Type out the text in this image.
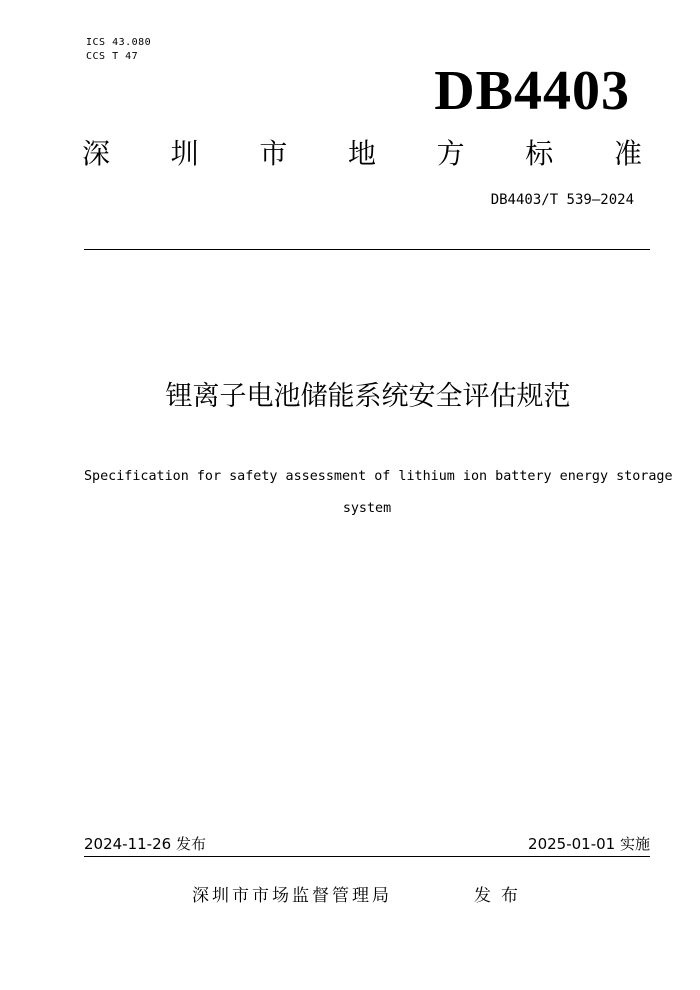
ICS 43.080
CCS T 47
DB4403
深 圳 市 地 方 标 准
DB4403/T 539—2024
锂离子电池储能系统安全评估规范
Specification for safety assessment of lithium ion battery energy storage
system
2024-11-26 发布	2025-01-01 实施
深圳市市场监督管理局	发布
